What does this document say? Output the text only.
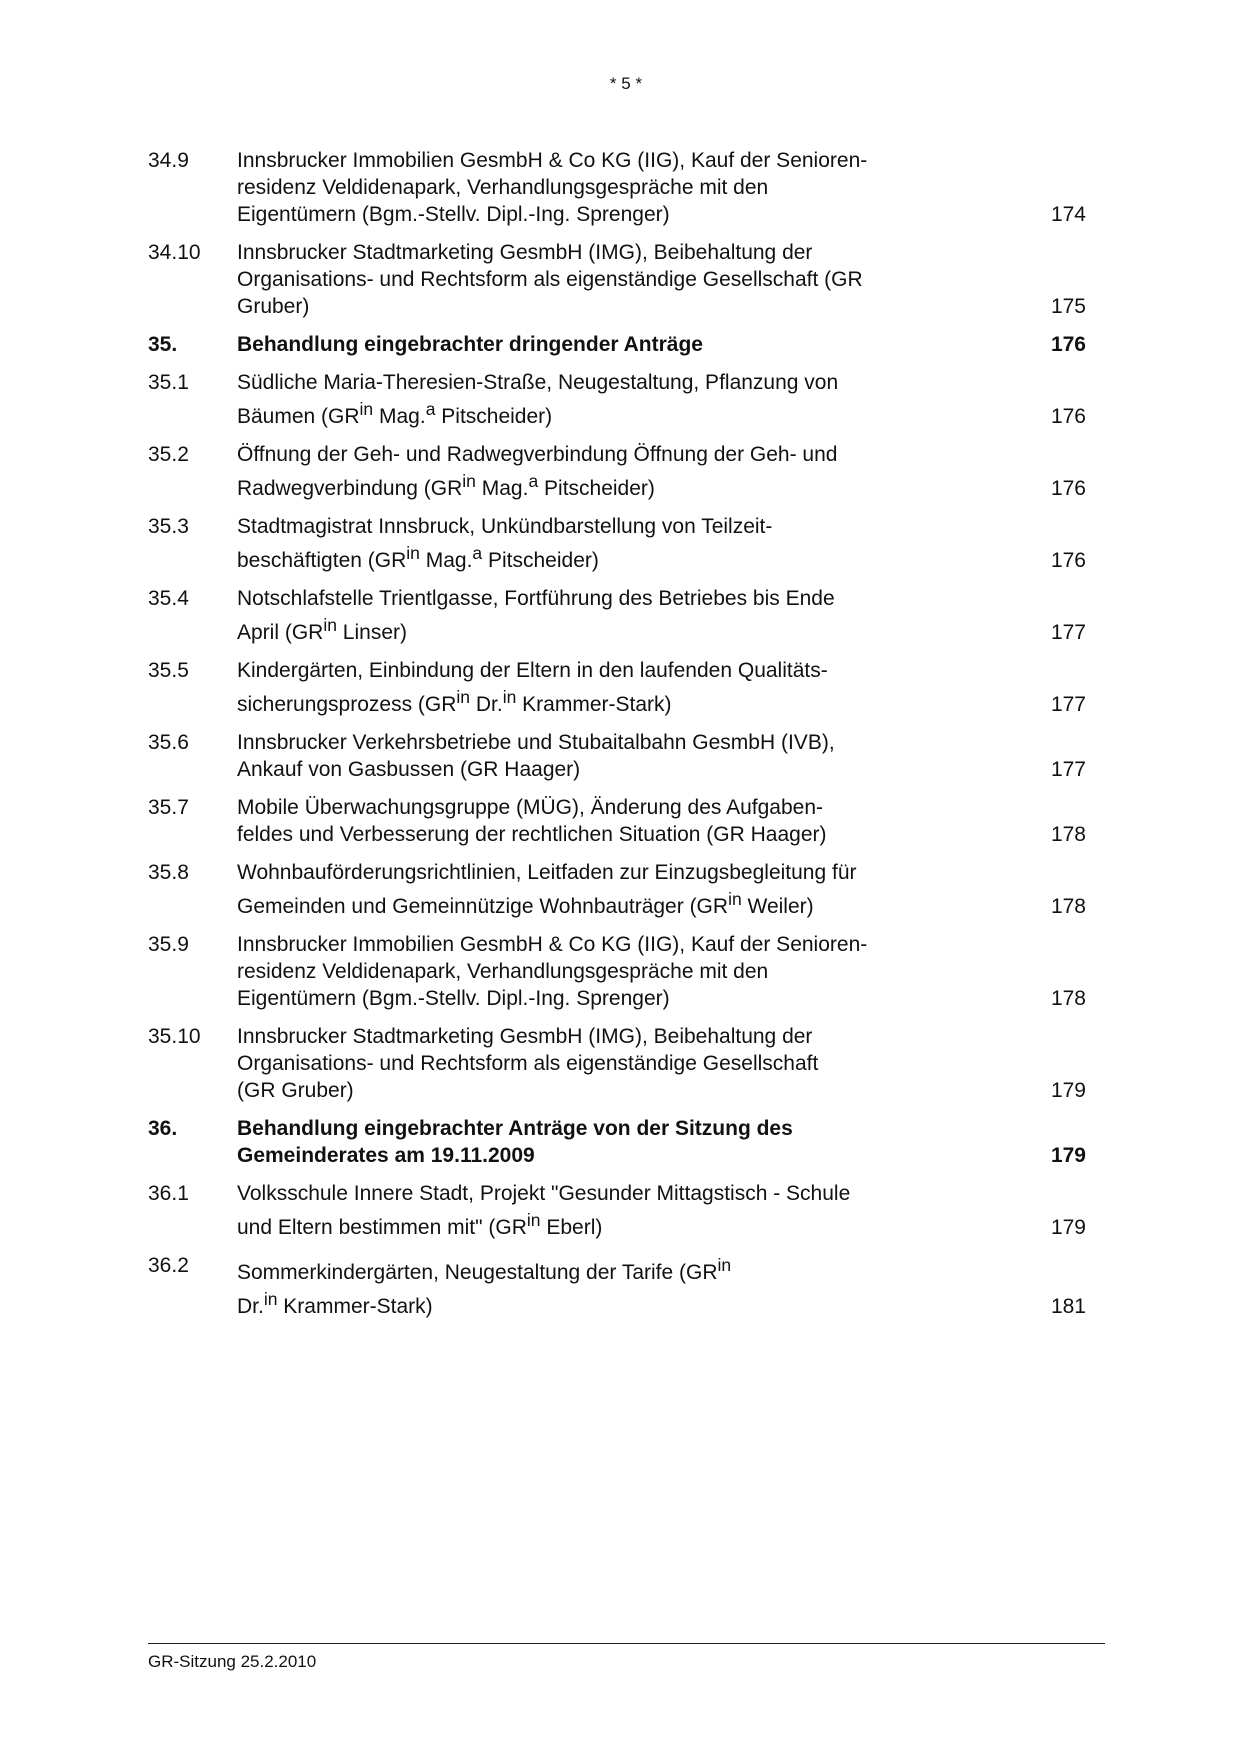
* 5 *
34.9	Innsbrucker Immobilien GesmbH & Co KG (IIG), Kauf der Senioren-
residenz Veldidenapark, Verhandlungsgespräche mit den
Eigentümern (Bgm.-Stellv. Dipl.-Ing. Sprenger)	174
34.10	Innsbrucker Stadtmarketing GesmbH (IMG), Beibehaltung der
Organisations- und Rechtsform als eigenständige Gesellschaft (GR
Gruber)	175
35.	Behandlung eingebrachter dringender Anträge	176
35.1	Südliche Maria-Theresien-Straße, Neugestaltung, Pflanzung von
Bäumen ($GR^{in}$ Mag.$^a$ Pitscheider)	176
35.2	Öffnung der Geh- und Radwegverbindung Öffnung der Geh- und
Radwegverbindung ($GR^{in}$ Mag.$^a$ Pitscheider)	176
35.3	Stadtmagistrat Innsbruck, Unkündbarstellung von Teilzeit-
beschäftigten ($GR^{in}$ Mag.$^a$ Pitscheider)	176
35.4	Notschlafstelle Trientlgasse, Fortführung des Betriebes bis Ende
April ($GR^{in}$ Linser)	177
35.5	Kindergärten, Einbindung der Eltern in den laufenden Qualitäts-
sicherungsprozess ($GR^{in}$ Dr.$^{in}$ Krammer-Stark)	177
35.6	Innsbrucker Verkehrsbetriebe und Stubaitalbahn GesmbH (IVB),
Ankauf von Gasbussen (GR Haager)	177
35.7	Mobile Überwachungsgruppe (MÜG), Änderung des Aufgaben-
feldes und Verbesserung der rechtlichen Situation (GR Haager)	178
35.8	Wohnbauförderungsrichtlinien, Leitfaden zur Einzugsbegleitung für
Gemeinden und Gemeinnützige Wohnbauträger ($GR^{in}$ Weiler)	178
35.9	Innsbrucker Immobilien GesmbH & Co KG (IIG), Kauf der Senioren-
residenz Veldidenapark, Verhandlungsgespräche mit den
Eigentümern (Bgm.-Stellv. Dipl.-Ing. Sprenger)	178
35.10	Innsbrucker Stadtmarketing GesmbH (IMG), Beibehaltung der
Organisations- und Rechtsform als eigenständige Gesellschaft
(GR Gruber)	179
36.	Behandlung eingebrachter Anträge von der Sitzung des
Gemeinderates am 19.11.2009	179
36.1	Volksschule Innere Stadt, Projekt "Gesunder Mittagstisch - Schule
und Eltern bestimmen mit" ($GR^{in}$ Eberl)	179
36.2	Sommerkindergärten, Neugestaltung der Tarife ($GR^{in}$
Dr.$^{in}$ Krammer-Stark)	181
GR-Sitzung 25.2.2010
